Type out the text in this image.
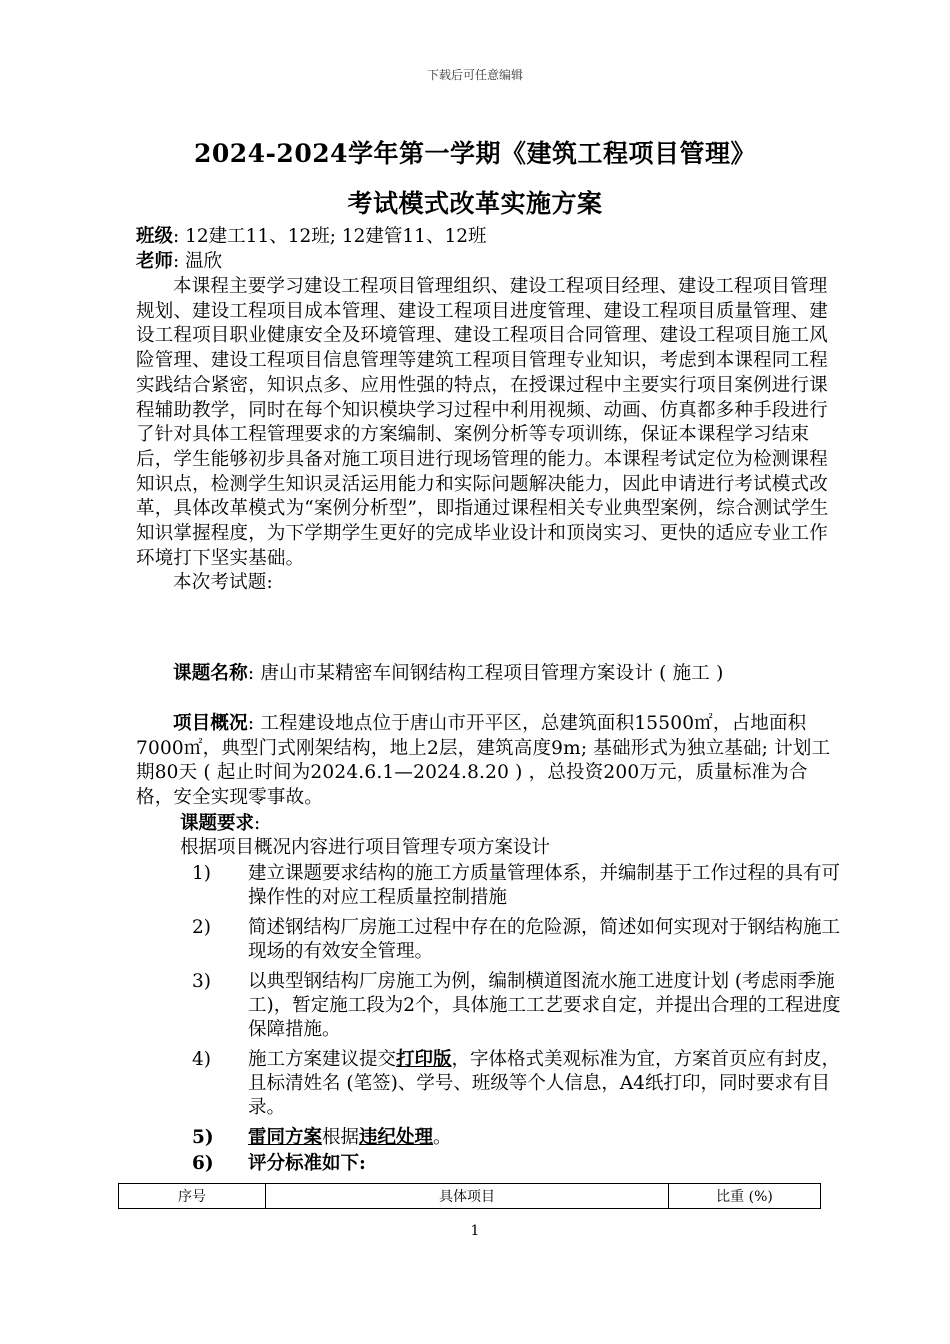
下载后可任意编辑
2024-2024学年第一学期《建筑工程项目管理》
考试模式改革实施方案
班级: 12建工11、12班; 12建管11、12班
老师: 温欣

本课程主要学习建设工程项目管理组织、建设工程项目经理、建设工程项目管理规划、建设工程项目成本管理、建设工程项目进度管理、建设工程项目质量管理、建设工程项目职业健康安全及环境管理、建设工程项目合同管理、建设工程项目施工风险管理、建设工程项目信息管理等建筑工程项目管理专业知识，考虑到本课程同工程实践结合紧密，知识点多、应用性强的特点，在授课过程中主要实行项目案例进行课程辅助教学，同时在每个知识模块学习过程中利用视频、动画、仿真都多种手段进行了针对具体工程管理要求的方案编制、案例分析等专项训练，保证本课程学习结束后，学生能够初步具备对施工项目进行现场管理的能力。本课程考试定位为检测课程知识点，检测学生知识灵活运用能力和实际问题解决能力，因此申请进行考试模式改革，具体改革模式为“案例分析型”，即指通过课程相关专业典型案例，综合测试学生知识掌握程度，为下学期学生更好的完成毕业设计和顶岗实习、更快的适应专业工作环境打下坚实基础。

本次考试题:

课题名称: 唐山市某精密车间钢结构工程项目管理方案设计 ( 施工 )

项目概况: 工程建设地点位于唐山市开平区，总建筑面积15500㎡，占地面积7000㎡，典型门式刚架结构，地上2层，建筑高度9m; 基础形式为独立基础; 计划工期80天 ( 起止时间为2024.6.1—2024.8.20 ) ，总投资200万元，质量标准为合格，安全实现零事故。

课题要求:

根据项目概况内容进行项目管理专项方案设计

1) 建立课题要求结构的施工方质量管理体系，并编制基于工作过程的具有可操作性的对应工程质量控制措施

2) 简述钢结构厂房施工过程中存在的危险源，简述如何实现对于钢结构施工现场的有效安全管理。

3) 以典型钢结构厂房施工为例，编制横道图流水施工进度计划 (考虑雨季施工)，暂定施工段为2个，具体施工工艺要求自定，并提出合理的工程进度保障措施。

4) 施工方案建议提交打印版，字体格式美观标准为宜，方案首页应有封皮，且标清姓名 (笔签)、学号、班级等个人信息，A4纸打印，同时要求有目录。

5) 雷同方案根据违纪处理。

6) 评分标准如下:

序号	具体项目	比重 (%)
1
